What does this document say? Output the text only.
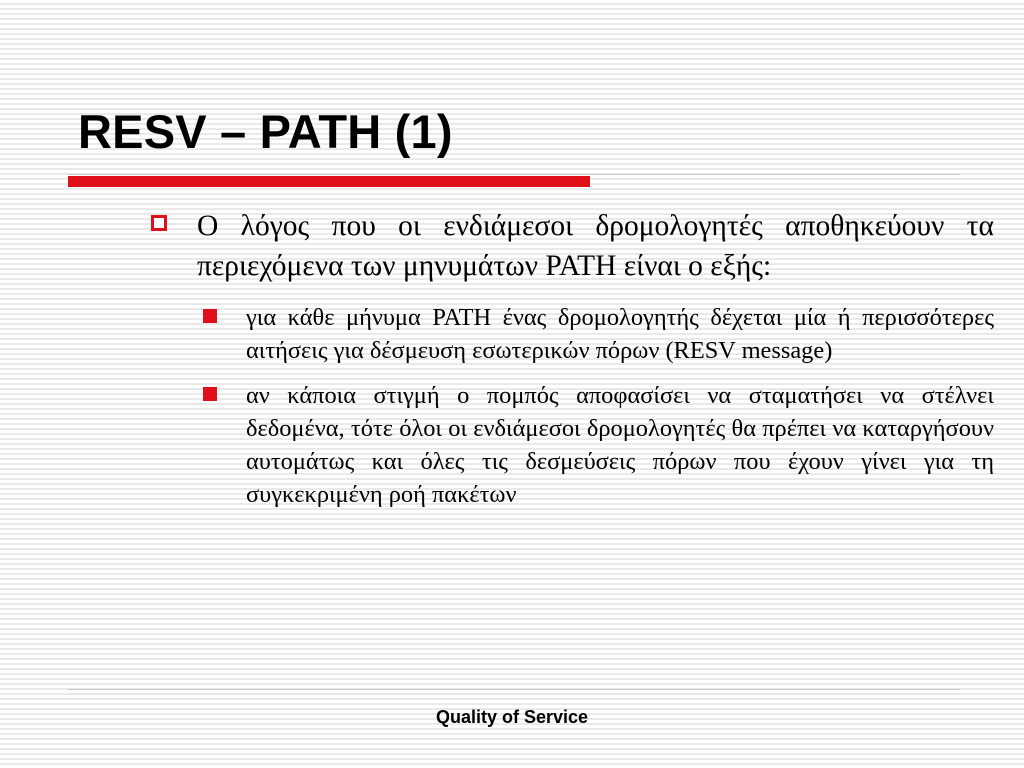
RESV – PATH (1)
Ο λόγος που οι ενδιάμεσοι δρομολογητές αποθηκεύουν τα περιεχόμενα των μηνυμάτων PATH είναι ο εξής:
για κάθε μήνυμα PATH ένας δρομολογητής δέχεται μία ή περισσότερες αιτήσεις για δέσμευση εσωτερικών πόρων (RESV message)
αν κάποια στιγμή ο πομπός αποφασίσει να σταματήσει να στέλνει δεδομένα, τότε όλοι οι ενδιάμεσοι δρομολογητές θα πρέπει να καταργήσουν αυτομάτως και όλες τις δεσμεύσεις πόρων που έχουν γίνει για τη συγκεκριμένη ροή πακέτων
Quality of Service
